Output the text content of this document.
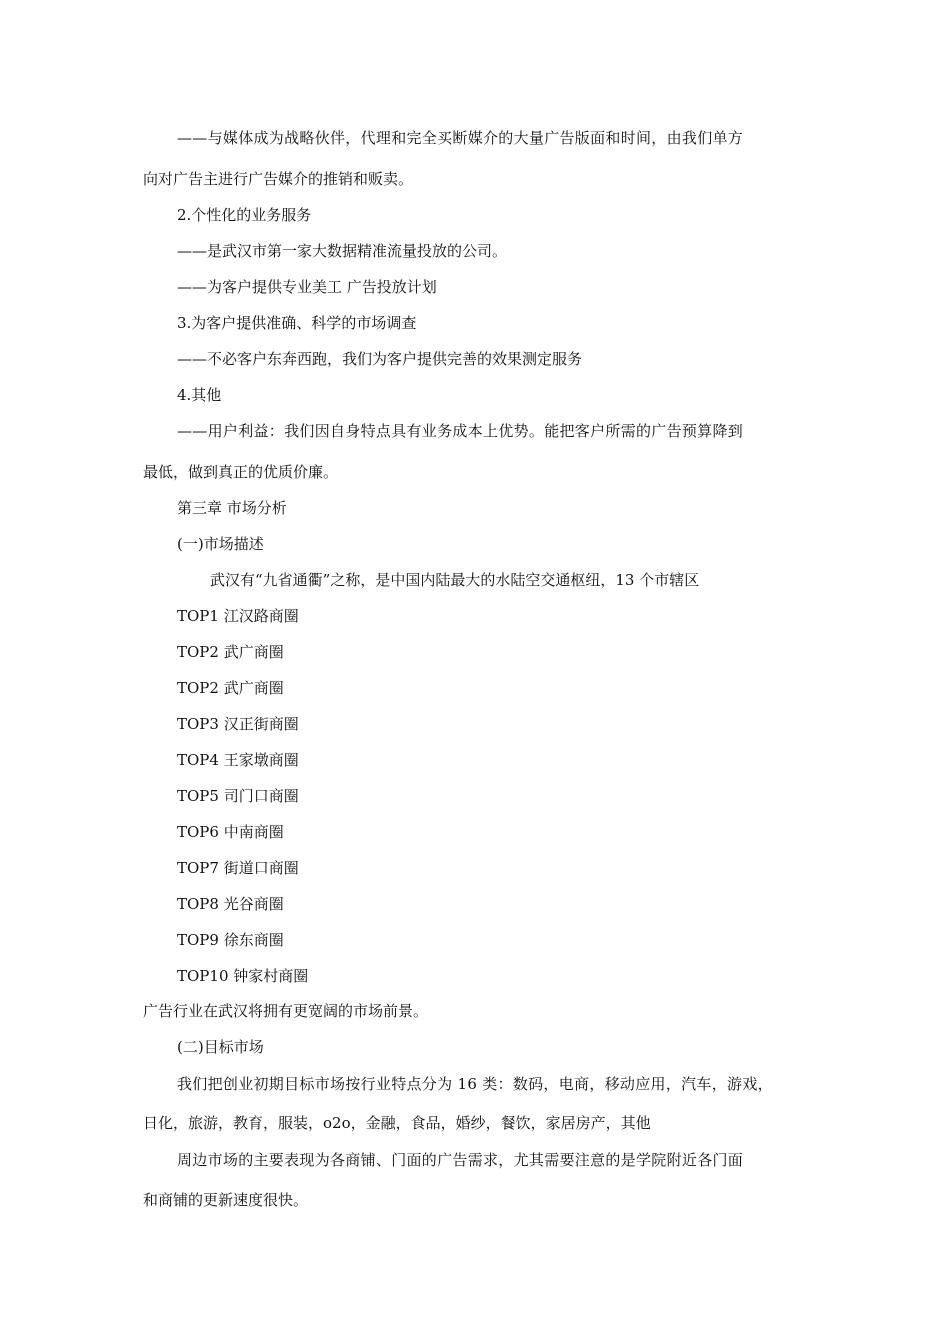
——与媒体成为战略伙伴，代理和完全买断媒介的大量广告版面和时间，由我们单方
向对广告主进行广告媒介的推销和贩卖。
2.个性化的业务服务
——是武汉市第一家大数据精准流量投放的公司。
——为客户提供专业美工 广告投放计划
3.为客户提供准确、科学的市场调查
——不必客户东奔西跑，我们为客户提供完善的效果测定服务
4.其他
——用户利益：我们因自身特点具有业务成本上优势。能把客户所需的广告预算降到
最低，做到真正的优质价廉。
第三章 市场分析
(一)市场描述
武汉有“九省通衢”之称，是中国内陆最大的水陆空交通枢纽，13 个市辖区
TOP1 江汉路商圈
TOP2 武广商圈
TOP2 武广商圈
TOP3 汉正街商圈
TOP4 王家墩商圈
TOP5 司门口商圈
TOP6 中南商圈
TOP7 街道口商圈
TOP8 光谷商圈
TOP9 徐东商圈
TOP10 钟家村商圈
广告行业在武汉将拥有更宽阔的市场前景。
(二)目标市场
我们把创业初期目标市场按行业特点分为 16 类：数码，电商，移动应用，汽车，游戏，
日化，旅游，教育，服装，o2o，金融，食品，婚纱，餐饮，家居房产，其他
周边市场的主要表现为各商铺、门面的广告需求，尤其需要注意的是学院附近各门面
和商铺的更新速度很快。
